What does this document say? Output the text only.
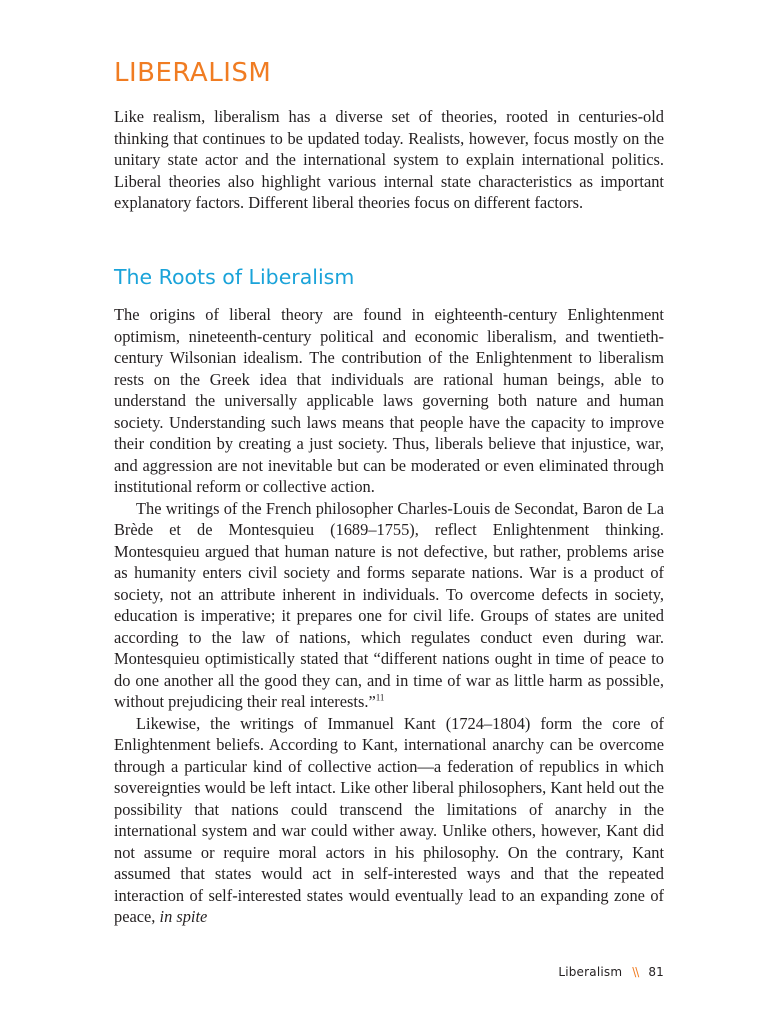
LIBERALISM

Like realism, liberalism has a diverse set of theories, rooted in centuries-old thinking that continues to be updated today. Realists, however, focus mostly on the unitary state actor and the international system to explain international politics. Liberal theories also highlight various internal state characteristics as important explanatory factors. Different liberal theories focus on different factors.

The Roots of Liberalism

The origins of liberal theory are found in eighteenth-century Enlightenment optimism, nineteenth-century political and economic liberalism, and twentieth-century Wilsonian idealism. The contribution of the Enlightenment to liberalism rests on the Greek idea that individuals are rational human beings, able to understand the universally applicable laws governing both nature and human society. Understanding such laws means that people have the capacity to improve their condition by creating a just society. Thus, liberals believe that injustice, war, and aggression are not inevitable but can be moderated or even eliminated through institutional reform or collective action.

The writings of the French philosopher Charles-Louis de Secondat, Baron de La Brède et de Montesquieu (1689–1755), reflect Enlightenment thinking. Montesquieu argued that human nature is not defective, but rather, problems arise as humanity enters civil society and forms separate nations. War is a product of society, not an attribute inherent in individuals. To overcome defects in society, education is imperative; it prepares one for civil life. Groups of states are united according to the law of nations, which regulates conduct even during war. Montesquieu optimistically stated that “different nations ought in time of peace to do one another all the good they can, and in time of war as little harm as possible, without prejudicing their real interests.”$^{11}$

Likewise, the writings of Immanuel Kant (1724–1804) form the core of Enlightenment beliefs. According to Kant, international anarchy can be overcome through a particular kind of collective action—a federation of republics in which sovereignties would be left intact. Like other liberal philosophers, Kant held out the possibility that nations could transcend the limitations of anarchy in the international system and war could wither away. Unlike others, however, Kant did not assume or require moral actors in his philosophy. On the contrary, Kant assumed that states would act in self-interested ways and that the repeated interaction of self-interested states would eventually lead to an expanding zone of peace, in spite

Liberalism \\ 81
